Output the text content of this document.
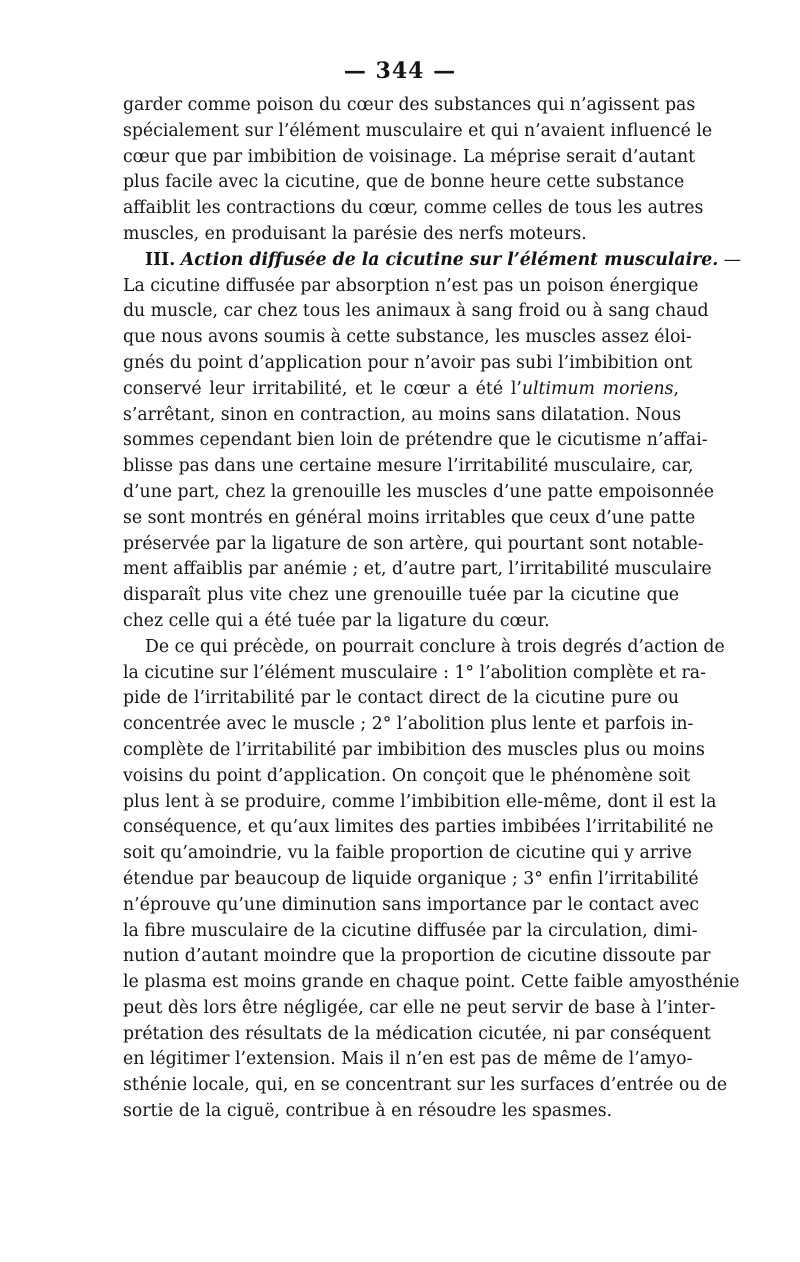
— 344 —
garder comme poison du cœur des substances qui n’agissent pas
spécialement sur l’élément musculaire et qui n’avaient influencé le
cœur que par imbibition de voisinage. La méprise serait d’autant
plus facile avec la cicutine, que de bonne heure cette substance
affaiblit les contractions du cœur, comme celles de tous les autres
muscles, en produisant la parésie des nerfs moteurs.
III. Action diffusée de la cicutine sur l’élément musculaire. —
La cicutine diffusée par absorption n’est pas un poison énergique
du muscle, car chez tous les animaux à sang froid ou à sang chaud
que nous avons soumis à cette substance, les muscles assez éloi-
gnés du point d’application pour n’avoir pas subi l’imbibition ont
conservé leur irritabilité, et le cœur a été l’ultimum moriens,
s’arrêtant, sinon en contraction, au moins sans dilatation. Nous
sommes cependant bien loin de prétendre que le cicutisme n’affai-
blisse pas dans une certaine mesure l’irritabilité musculaire, car,
d’une part, chez la grenouille les muscles d’une patte empoisonnée
se sont montrés en général moins irritables que ceux d’une patte
préservée par la ligature de son artère, qui pourtant sont notable-
ment affaiblis par anémie ; et, d’autre part, l’irritabilité musculaire
disparaît plus vite chez une grenouille tuée par la cicutine que
chez celle qui a été tuée par la ligature du cœur.
De ce qui précède, on pourrait conclure à trois degrés d’action de
la cicutine sur l’élément musculaire : 1° l’abolition complète et ra-
pide de l’irritabilité par le contact direct de la cicutine pure ou
concentrée avec le muscle ; 2° l’abolition plus lente et parfois in-
complète de l’irritabilité par imbibition des muscles plus ou moins
voisins du point d’application. On conçoit que le phénomène soit
plus lent à se produire, comme l’imbibition elle-même, dont il est la
conséquence, et qu’aux limites des parties imbibées l’irritabilité ne
soit qu’amoindrie, vu la faible proportion de cicutine qui y arrive
étendue par beaucoup de liquide organique ; 3° enfin l’irritabilité
n’éprouve qu’une diminution sans importance par le contact avec
la fibre musculaire de la cicutine diffusée par la circulation, dimi-
nution d’autant moindre que la proportion de cicutine dissoute par
le plasma est moins grande en chaque point. Cette faible amyosthénie
peut dès lors être négligée, car elle ne peut servir de base à l’inter-
prétation des résultats de la médication cicutée, ni par conséquent
en légitimer l’extension. Mais il n’en est pas de même de l’amyo-
sthénie locale, qui, en se concentrant sur les surfaces d’entrée ou de
sortie de la ciguë, contribue à en résoudre les spasmes.
